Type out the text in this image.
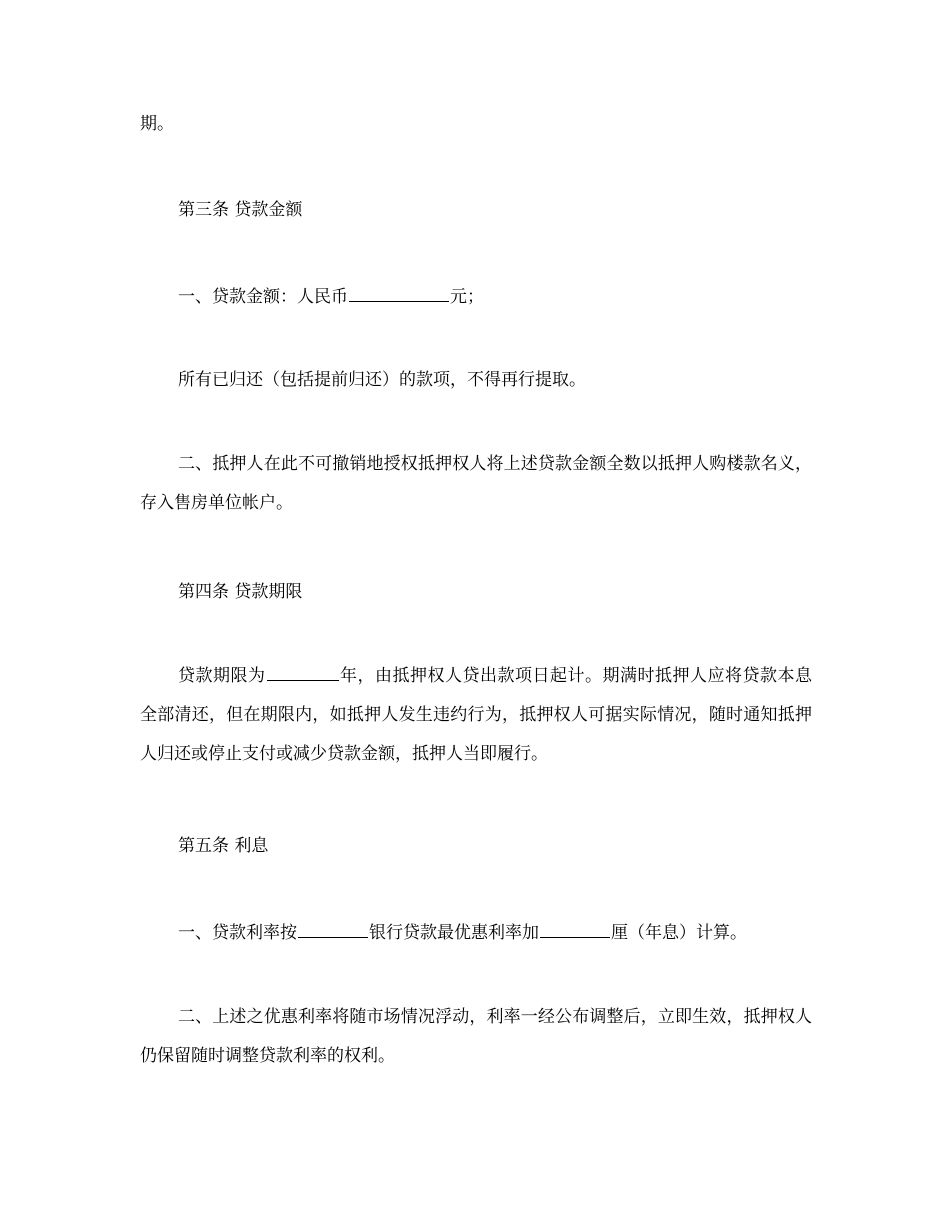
期。
第三条 贷款金额
一、贷款金额：人民币	元；
所有已归还（包括提前归还）的款项，不得再行提取。
二、抵押人在此不可撤销地授权抵押权人将上述贷款金额全数以抵押人购楼款名义，存入售房单位帐户。
第四条 贷款期限
贷款期限为	年，由抵押权人贷出款项日起计。期满时抵押人应将贷款本息全部清还，但在期限内，如抵押人发生违约行为，抵押权人可据实际情况，随时通知抵押人归还或停止支付或减少贷款金额，抵押人当即履行。
第五条 利息
一、贷款利率按	银行贷款最优惠利率加	厘（年息）计算。
二、上述之优惠利率将随市场情况浮动，利率一经公布调整后，立即生效，抵押权人仍保留随时调整贷款利率的权利。
